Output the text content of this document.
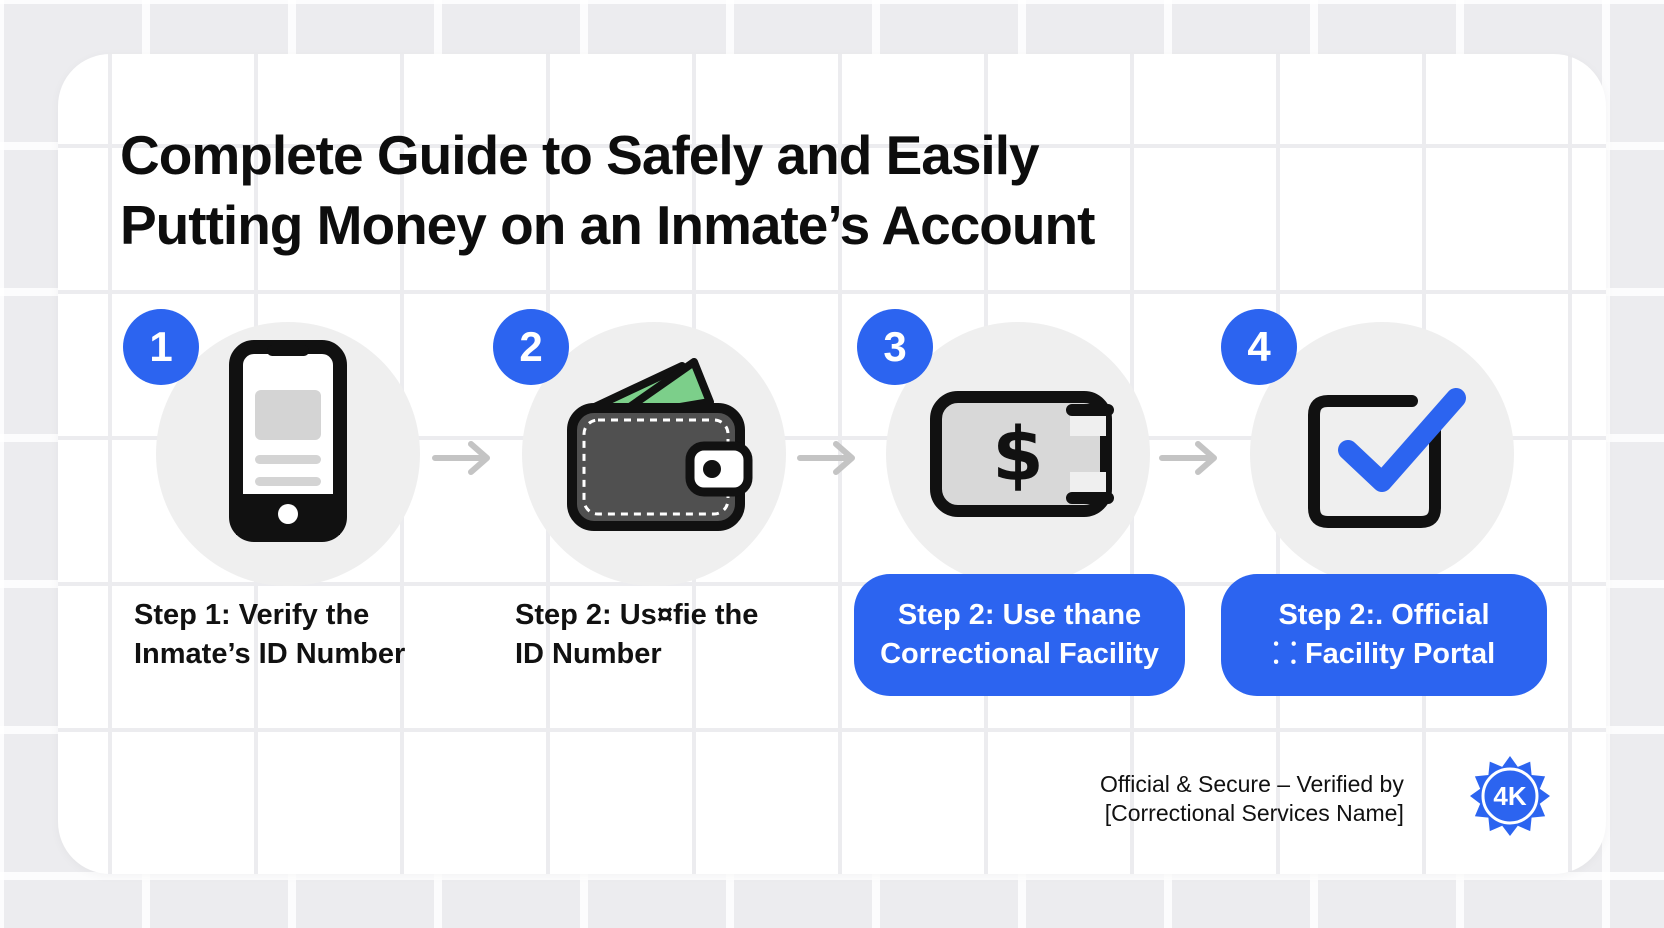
Complete Guide to Safely and Easily
Putting Money on an Inmate’s Account
1
Step 1: Verify the
Inmate’s ID Number
2
Step 2: Us¤fie the
ID Number
$
3
Step 2: Use thane
Correctional Facility
4
Step 2:. Official
⸬ Facility Portal
Official & Secure – Verified by
[Correctional Services Name]
4K
